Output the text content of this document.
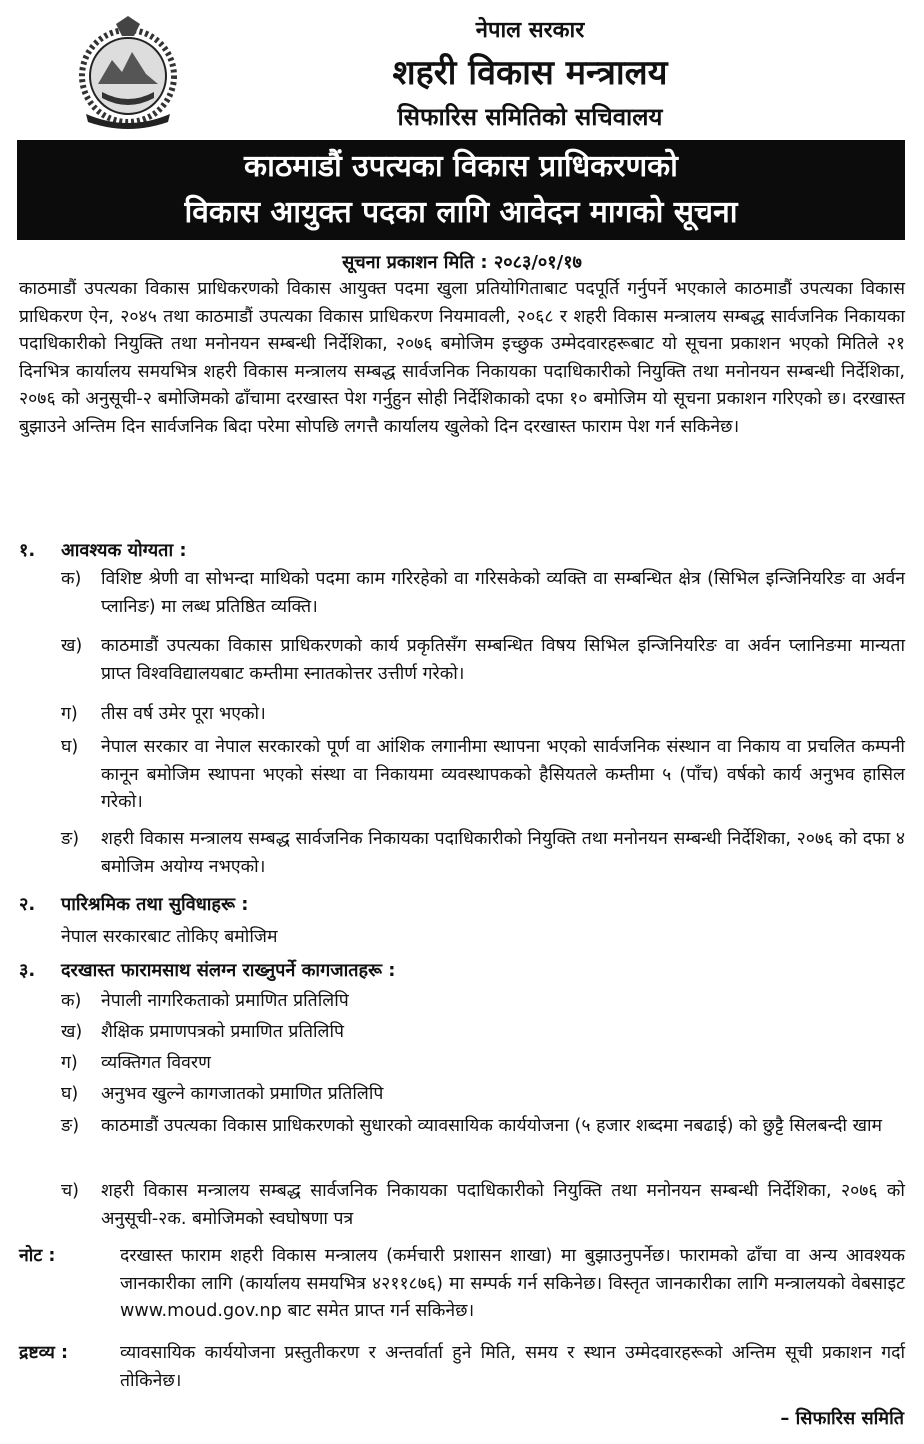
नेपाल सरकार
शहरी विकास मन्त्रालय
सिफारिस समितिको सचिवालय
काठमाडौं उपत्यका विकास प्राधिकरणको
विकास आयुक्त पदका लागि आवेदन मागको सूचना
सूचना प्रकाशन मिति : २०८३/०१/१७
काठमाडौं उपत्यका विकास प्राधिकरणको विकास आयुक्त पदमा खुला प्रतियोगिताबाट पदपूर्ति गर्नुपर्ने भएकाले काठमाडौं उपत्यका विकास प्राधिकरण ऐन, २०४५ तथा काठमाडौं उपत्यका विकास प्राधिकरण नियमावली, २०६८ र शहरी विकास मन्त्रालय सम्बद्ध सार्वजनिक निकायका पदाधिकारीको नियुक्ति तथा मनोनयन सम्बन्धी निर्देशिका, २०७६ बमोजिम इच्छुक उम्मेदवारहरूबाट यो सूचना प्रकाशन भएको मितिले २१ दिनभित्र कार्यालय समयभित्र शहरी विकास मन्त्रालय सम्बद्ध सार्वजनिक निकायका पदाधिकारीको नियुक्ति तथा मनोनयन सम्बन्धी निर्देशिका, २०७६ को अनुसूची-२ बमोजिमको ढाँचामा दरखास्त पेश गर्नुहुन सोही निर्देशिकाको दफा १० बमोजिम यो सूचना प्रकाशन गरिएको छ। दरखास्त बुझाउने अन्तिम दिन सार्वजनिक बिदा परेमा सोपछि लगत्तै कार्यालय खुलेको दिन दरखास्त फाराम पेश गर्न सकिनेछ।
१. आवश्यक योग्यता :
क)	विशिष्ट श्रेणी वा सोभन्दा माथिको पदमा काम गरिरहेको वा गरिसकेको व्यक्ति वा सम्बन्धित क्षेत्र (सिभिल इन्जिनियरिङ वा अर्वन प्लानिङ) मा लब्ध प्रतिष्ठित व्यक्ति।
ख)	काठमाडौं उपत्यका विकास प्राधिकरणको कार्य प्रकृतिसँग सम्बन्धित विषय सिभिल इन्जिनियरिङ वा अर्वन प्लानिङमा मान्यता प्राप्त विश्वविद्यालयबाट कम्तीमा स्नातकोत्तर उत्तीर्ण गरेको।
ग)	तीस वर्ष उमेर पूरा भएको।
घ)	नेपाल सरकार वा नेपाल सरकारको पूर्ण वा आंशिक लगानीमा स्थापना भएको सार्वजनिक संस्थान वा निकाय वा प्रचलित कम्पनी कानून बमोजिम स्थापना भएको संस्था वा निकायमा व्यवस्थापकको हैसियतले कम्तीमा ५ (पाँच) वर्षको कार्य अनुभव हासिल गरेको।
ङ)	शहरी विकास मन्त्रालय सम्बद्ध सार्वजनिक निकायका पदाधिकारीको नियुक्ति तथा मनोनयन सम्बन्धी निर्देशिका, २०७६ को दफा ४ बमोजिम अयोग्य नभएको।
२. पारिश्रमिक तथा सुविधाहरू :
नेपाल सरकारबाट तोकिए बमोजिम
३. दरखास्त फारामसाथ संलग्न राख्नुपर्ने कागजातहरू :
क)	नेपाली नागरिकताको प्रमाणित प्रतिलिपि
ख)	शैक्षिक प्रमाणपत्रको प्रमाणित प्रतिलिपि
ग)	व्यक्तिगत विवरण
घ)	अनुभव खुल्ने कागजातको प्रमाणित प्रतिलिपि
ङ)	काठमाडौं उपत्यका विकास प्राधिकरणको सुधारको व्यावसायिक कार्ययोजना (५ हजार शब्दमा नबढाई) को छुट्टै सिलबन्दी खाम
च)	शहरी विकास मन्त्रालय सम्बद्ध सार्वजनिक निकायका पदाधिकारीको नियुक्ति तथा मनोनयन सम्बन्धी निर्देशिका, २०७६ को अनुसूची-२क. बमोजिमको स्वघोषणा पत्र
नोट :	दरखास्त फाराम शहरी विकास मन्त्रालय (कर्मचारी प्रशासन शाखा) मा बुझाउनुपर्नेछ। फारामको ढाँचा वा अन्य आवश्यक जानकारीका लागि (कार्यालय समयभित्र ४२११८७६) मा सम्पर्क गर्न सकिनेछ। विस्तृत जानकारीका लागि मन्त्रालयको वेबसाइट www.moud.gov.np बाट समेत प्राप्त गर्न सकिनेछ।
द्रष्टव्य :	व्यावसायिक कार्ययोजना प्रस्तुतीकरण र अन्तर्वार्ता हुने मिति, समय र स्थान उम्मेदवारहरूको अन्तिम सूची प्रकाशन गर्दा तोकिनेछ।
– सिफारिस समिति
